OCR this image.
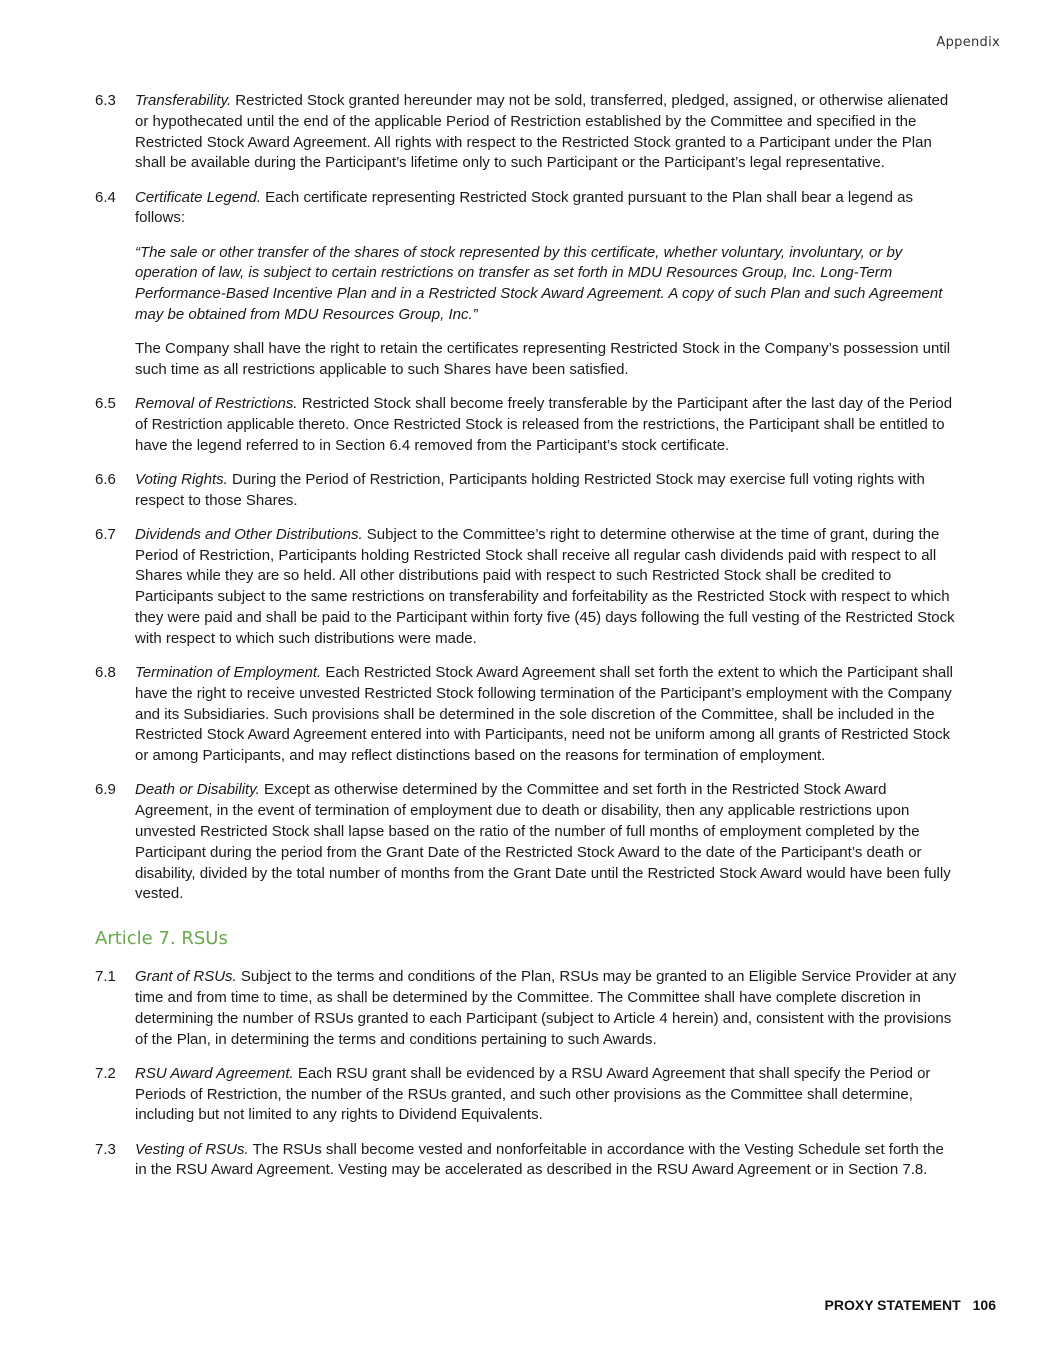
Appendix
6.3	Transferability. Restricted Stock granted hereunder may not be sold, transferred, pledged, assigned, or otherwise alienated or hypothecated until the end of the applicable Period of Restriction established by the Committee and specified in the Restricted Stock Award Agreement. All rights with respect to the Restricted Stock granted to a Participant under the Plan shall be available during the Participant’s lifetime only to such Participant or the Participant’s legal representative.

6.4	Certificate Legend. Each certificate representing Restricted Stock granted pursuant to the Plan shall bear a legend as follows:

“The sale or other transfer of the shares of stock represented by this certificate, whether voluntary, involuntary, or by operation of law, is subject to certain restrictions on transfer as set forth in MDU Resources Group, Inc. Long-Term Performance-Based Incentive Plan and in a Restricted Stock Award Agreement. A copy of such Plan and such Agreement may be obtained from MDU Resources Group, Inc.”

The Company shall have the right to retain the certificates representing Restricted Stock in the Company’s possession until such time as all restrictions applicable to such Shares have been satisfied.

6.5	Removal of Restrictions. Restricted Stock shall become freely transferable by the Participant after the last day of the Period of Restriction applicable thereto. Once Restricted Stock is released from the restrictions, the Participant shall be entitled to have the legend referred to in Section 6.4 removed from the Participant’s stock certificate.

6.6	Voting Rights. During the Period of Restriction, Participants holding Restricted Stock may exercise full voting rights with respect to those Shares.

6.7	Dividends and Other Distributions. Subject to the Committee’s right to determine otherwise at the time of grant, during the Period of Restriction, Participants holding Restricted Stock shall receive all regular cash dividends paid with respect to all Shares while they are so held. All other distributions paid with respect to such Restricted Stock shall be credited to Participants subject to the same restrictions on transferability and forfeitability as the Restricted Stock with respect to which they were paid and shall be paid to the Participant within forty five (45) days following the full vesting of the Restricted Stock with respect to which such distributions were made.

6.8	Termination of Employment. Each Restricted Stock Award Agreement shall set forth the extent to which the Participant shall have the right to receive unvested Restricted Stock following termination of the Participant’s employment with the Company and its Subsidiaries. Such provisions shall be determined in the sole discretion of the Committee, shall be included in the Restricted Stock Award Agreement entered into with Participants, need not be uniform among all grants of Restricted Stock or among Participants, and may reflect distinctions based on the reasons for termination of employment.

6.9	Death or Disability. Except as otherwise determined by the Committee and set forth in the Restricted Stock Award Agreement, in the event of termination of employment due to death or disability, then any applicable restrictions upon unvested Restricted Stock shall lapse based on the ratio of the number of full months of employment completed by the Participant during the period from the Grant Date of the Restricted Stock Award to the date of the Participant’s death or disability, divided by the total number of months from the Grant Date until the Restricted Stock Award would have been fully vested.

Article 7. RSUs
7.1	Grant of RSUs. Subject to the terms and conditions of the Plan, RSUs may be granted to an Eligible Service Provider at any time and from time to time, as shall be determined by the Committee. The Committee shall have complete discretion in determining the number of RSUs granted to each Participant (subject to Article 4 herein) and, consistent with the provisions of the Plan, in determining the terms and conditions pertaining to such Awards.

7.2	RSU Award Agreement. Each RSU grant shall be evidenced by a RSU Award Agreement that shall specify the Period or Periods of Restriction, the number of the RSUs granted, and such other provisions as the Committee shall determine, including but not limited to any rights to Dividend Equivalents.

7.3	Vesting of RSUs. The RSUs shall become vested and nonforfeitable in accordance with the Vesting Schedule set forth the in the RSU Award Agreement. Vesting may be accelerated as described in the RSU Award Agreement or in Section 7.8.

PROXY STATEMENT 106
